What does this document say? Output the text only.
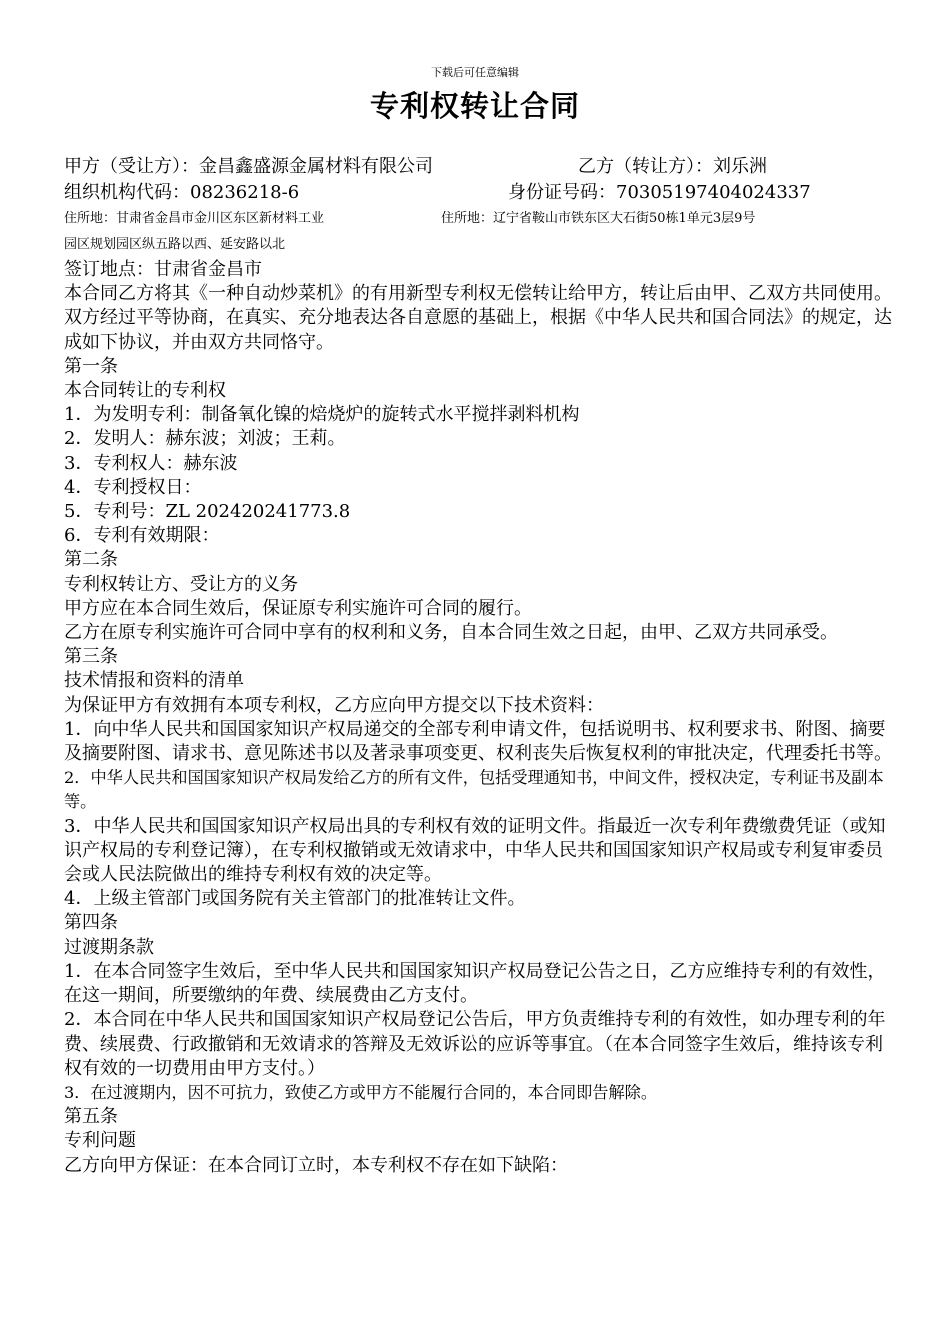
下载后可任意编辑
专利权转让合同
甲方（受让方）：金昌鑫盛源金属材料有限公司	乙方（转让方）：刘乐洲
组织机构代码：08236218-6	身份证号码：70305197404024337
住所地：甘肃省金昌市金川区东区新材料工业	住所地：辽宁省鞍山市铁东区大石街50栋1单元3层9号
园区规划园区纵五路以西、延安路以北

签订地点：甘肃省金昌市

本合同乙方将其《一种自动炒菜机》的有用新型专利权无偿转让给甲方，转让后由甲、乙双方共同使用。双方经过平等协商，在真实、充分地表达各自意愿的基础上，根据《中华人民共和国合同法》的规定，达成如下协议，并由双方共同恪守。

第一条

本合同转让的专利权

1．为发明专利：制备氧化镍的焙烧炉的旋转式水平搅拌剥料机构

2．发明人：赫东波；刘波；王莉。

3．专利权人：赫东波

4．专利授权日：

5．专利号：ZL 202420241773.8

6．专利有效期限：

第二条

专利权转让方、受让方的义务

甲方应在本合同生效后，保证原专利实施许可合同的履行。

乙方在原专利实施许可合同中享有的权利和义务，自本合同生效之日起，由甲、乙双方共同承受。

第三条

技术情报和资料的清单

为保证甲方有效拥有本项专利权，乙方应向甲方提交以下技术资料：

1．向中华人民共和国国家知识产权局递交的全部专利申请文件，包括说明书、权利要求书、附图、摘要及摘要附图、请求书、意见陈述书以及著录事项变更、权利丧失后恢复权利的审批决定，代理委托书等。

2．中华人民共和国国家知识产权局发给乙方的所有文件，包括受理通知书，中间文件，授权决定，专利证书及副本等。

3．中华人民共和国国家知识产权局出具的专利权有效的证明文件。指最近一次专利年费缴费凭证（或知识产权局的专利登记簿），在专利权撤销或无效请求中，中华人民共和国国家知识产权局或专利复审委员会或人民法院做出的维持专利权有效的决定等。

4．上级主管部门或国务院有关主管部门的批准转让文件。

第四条

过渡期条款

1．在本合同签字生效后，至中华人民共和国国家知识产权局登记公告之日，乙方应维持专利的有效性，在这一期间，所要缴纳的年费、续展费由乙方支付。

2．本合同在中华人民共和国国家知识产权局登记公告后，甲方负责维持专利的有效性，如办理专利的年费、续展费、行政撤销和无效请求的答辩及无效诉讼的应诉等事宜。（在本合同签字生效后，维持该专利权有效的一切费用由甲方支付。）

3．在过渡期内，因不可抗力，致使乙方或甲方不能履行合同的，本合同即告解除。

第五条

专利问题

乙方向甲方保证：在本合同订立时，本专利权不存在如下缺陷：
